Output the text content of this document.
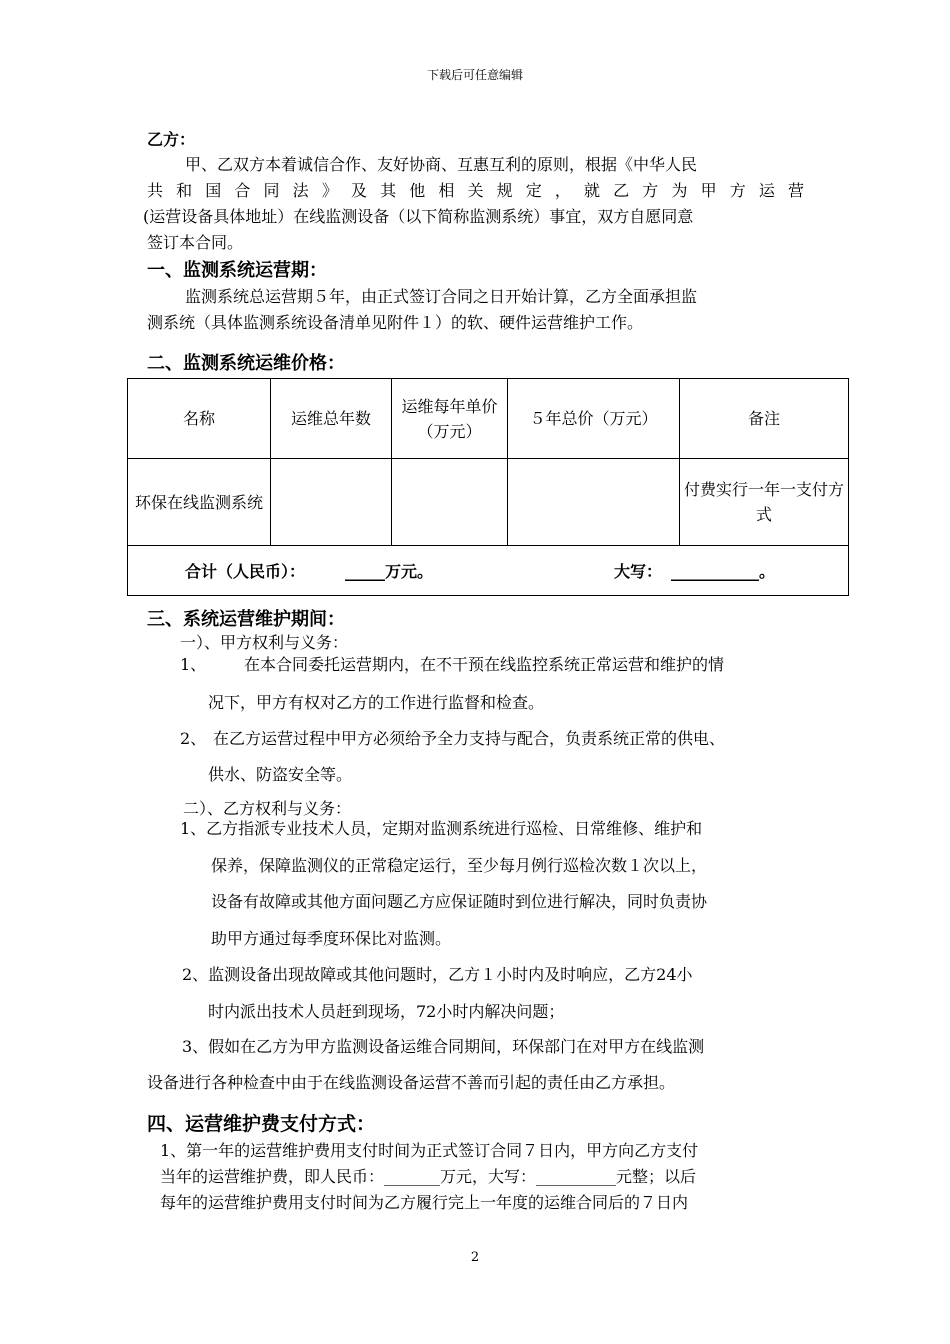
下载后可任意编辑
乙方：
甲、乙双方本着诚信合作、友好协商、互惠互利的原则，根据《中华人民
共和国合同法》及其他相关规定，就乙方为甲方运营
(运营设备具体地址）在线监测设备（以下简称监测系统）事宜，双方自愿同意
签订本合同。
一、监测系统运营期：
监测系统总运营期５年，由正式签订合同之日开始计算，乙方全面承担监
测系统（具体监测系统设备清单见附件１）的软、硬件运营维护工作。
二、监测系统运维价格：
名称	运维总年数	运维每年单价（万元）	５年总价（万元）	备注
环保在线监测系统				付费实行一年一支付方式

合计（人民币）： _____万元。 大写： ___________。				
三、系统运营维护期间：
一）、甲方权利与义务：
1、 在本合同委托运营期内，在不干预在线监控系统正常运营和维护的情
况下，甲方有权对乙方的工作进行监督和检查。
2、 在乙方运营过程中甲方必须给予全力支持与配合，负责系统正常的供电、
供水、防盗安全等。
二）、乙方权利与义务：
1、乙方指派专业技术人员，定期对监测系统进行巡检、日常维修、维护和
保养，保障监测仪的正常稳定运行，至少每月例行巡检次数１次以上，
设备有故障或其他方面问题乙方应保证随时到位进行解决，同时负责协
助甲方通过每季度环保比对监测。
2、监测设备出现故障或其他问题时，乙方１小时内及时响应，乙方24小
时内派出技术人员赶到现场，72小时内解决问题；
3、假如在乙方为甲方监测设备运维合同期间，环保部门在对甲方在线监测
设备进行各种检查中由于在线监测设备运营不善而引起的责任由乙方承担。
四、运营维护费支付方式：
1、第一年的运营维护费用支付时间为正式签订合同７日内，甲方向乙方支付
当年的运营维护费，即人民币：_______万元，大写：__________元整；以后
每年的运营维护费用支付时间为乙方履行完上一年度的运维合同后的７日内
2
